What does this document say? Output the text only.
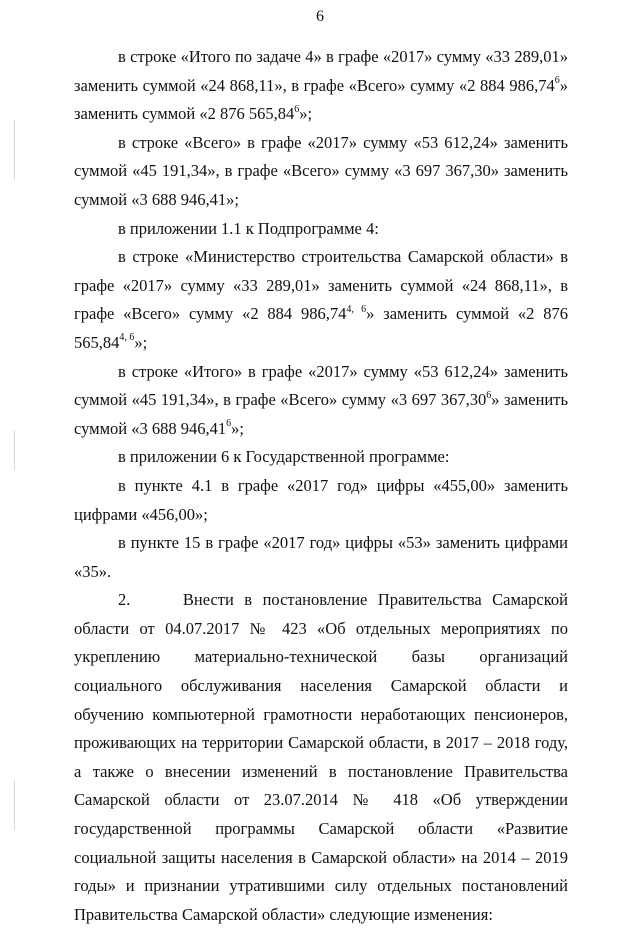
6

в строке «Итого по задаче 4» в графе «2017» сумму «33 289,01» заменить суммой «24 868,11», в графе «Всего» сумму «2 884 986,74$^6$» заменить суммой «2 876 565,84$^6$»;

в строке «Всего» в графе «2017» сумму «53 612,24» заменить суммой «45 191,34», в графе «Всего» сумму «3 697 367,30» заменить суммой «3 688 946,41»;

в приложении 1.1 к Подпрограмме 4:

в строке «Министерство строительства Самарской области» в графе «2017» сумму «33 289,01» заменить суммой «24 868,11», в графе «Всего» сумму «2 884 986,74$^{4, 6}$» заменить суммой «2 876 565,84$^{4, 6}$»;

в строке «Итого» в графе «2017» сумму «53 612,24» заменить суммой «45 191,34», в графе «Всего» сумму «3 697 367,30$^6$» заменить суммой «3 688 946,41$^6$»;

в приложении 6 к Государственной программе:

в пункте 4.1 в графе «2017 год» цифры «455,00» заменить цифрами «456,00»;

в пункте 15 в графе «2017 год» цифры «53» заменить цифрами «35».

2.     Внести в постановление Правительства Самарской области от 04.07.2017 № 423 «Об отдельных мероприятиях по укреплению материально-технической базы организаций социального обслуживания населения Самарской области и обучению компьютерной грамотности неработающих пенсионеров, проживающих на территории Самарской области, в 2017 – 2018 году, а также о внесении изменений в постановление Правительства Самарской области от 23.07.2014 № 418 «Об утверждении государственной программы Самарской области «Развитие социальной защиты населения в Самарской области» на 2014 – 2019 годы» и признании утратившими силу отдельных постановлений Правительства Самарской области» следующие изменения:
